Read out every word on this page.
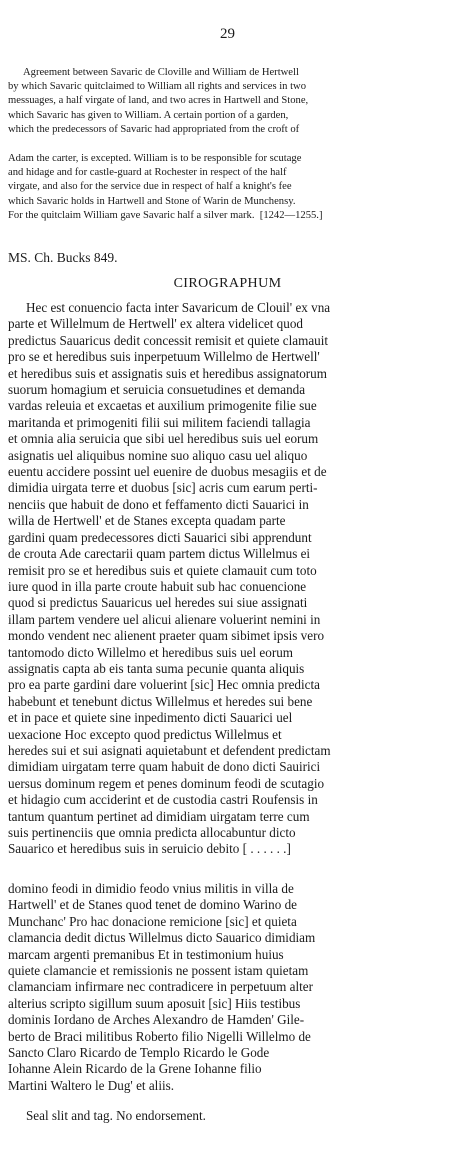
29
Agreement between Savaric de Cloville and William de Hertwell
by which Savaric quitclaimed to William all rights and services in two
messuages, a half virgate of land, and two acres in Hartwell and Stone,
which Savaric has given to William. A certain portion of a garden,
which the predecessors of Savaric had appropriated from the croft of
Adam the carter, is excepted. William is to be responsible for scutage
and hidage and for castle-guard at Rochester in respect of the half
virgate, and also for the service due in respect of half a knight's fee
which Savaric holds in Hartwell and Stone of Warin de Munchensy.
For the quitclaim William gave Savaric half a silver mark. [1242—1255.]
MS. Ch. Bucks 849.
CIROGRAPHUM
Hec est conuencio facta inter Savaricum de Clouil' ex vna
parte et Willelmum de Hertwell' ex altera videlicet quod
predictus Sauaricus dedit concessit remisit et quiete clamauit
pro se et heredibus suis inperpetuum Willelmo de Hertwell'
et heredibus suis et assignatis suis et heredibus assignatorum
suorum homagium et seruicia consuetudines et demanda
vardas releuia et excaetas et auxilium primogenite filie sue
maritanda et primogeniti filii sui militem faciendi tallagia
et omnia alia seruicia que sibi uel heredibus suis uel eorum
asignatis uel aliquibus nomine suo aliquo casu uel aliquo
euentu accidere possint uel euenire de duobus mesagiis et de
dimidia uirgata terre et duobus [sic] acris cum earum perti-
nenciis que habuit de dono et feffamento dicti Sauarici in
willa de Hertwell' et de Stanes excepta quadam parte
gardini quam predecessores dicti Sauarici sibi apprendunt
de crouta Ade carectarii quam partem dictus Willelmus ei
remisit pro se et heredibus suis et quiete clamauit cum toto
iure quod in illa parte croute habuit sub hac conuencione
quod si predictus Sauaricus uel heredes sui siue assignati
illam partem vendere uel alicui alienare voluerint nemini in
mondo vendent nec alienent praeter quam sibimet ipsis vero
tantomodo dicto Willelmo et heredibus suis uel eorum
assignatis capta ab eis tanta suma pecunie quanta aliquis
pro ea parte gardini dare voluerint [sic] Hec omnia predicta
habebunt et tenebunt dictus Willelmus et heredes sui bene
et in pace et quiete sine inpedimento dicti Sauarici uel
uexacione Hoc excepto quod predictus Willelmus et
heredes sui et sui asignati aquietabunt et defendent predictam
dimidiam uirgatam terre quam habuit de dono dicti Sauirici
uersus dominum regem et penes dominum feodi de scutagio
et hidagio cum acciderint et de custodia castri Roufensis in
tantum quantum pertinet ad dimidiam uirgatam terre cum
suis pertinenciis que omnia predicta allocabuntur dicto
Sauarico et heredibus suis in seruicio debito [ . . . . . .]
domino feodi in dimidio feodo vnius militis in villa de
Hartwell' et de Stanes quod tenet de domino Warino de
Munchanc' Pro hac donacione remicione [sic] et quieta
clamancia dedit dictus Willelmus dicto Sauarico dimidiam
marcam argenti premanibus Et in testimonium huius
quiete clamancie et remissionis ne possent istam quietam
clamanciam infirmare nec contradicere in perpetuum alter
alterius scripto sigillum suum aposuit [sic] Hiis testibus
dominis Iordano de Arches Alexandro de Hamden' Gile-
berto de Braci militibus Roberto filio Nigelli Willelmo de
Sancto Claro Ricardo de Templo Ricardo le Gode
Iohanne Alein Ricardo de la Grene Iohanne filio
Martini Waltero le Dug' et aliis.
Seal slit and tag. No endorsement.
